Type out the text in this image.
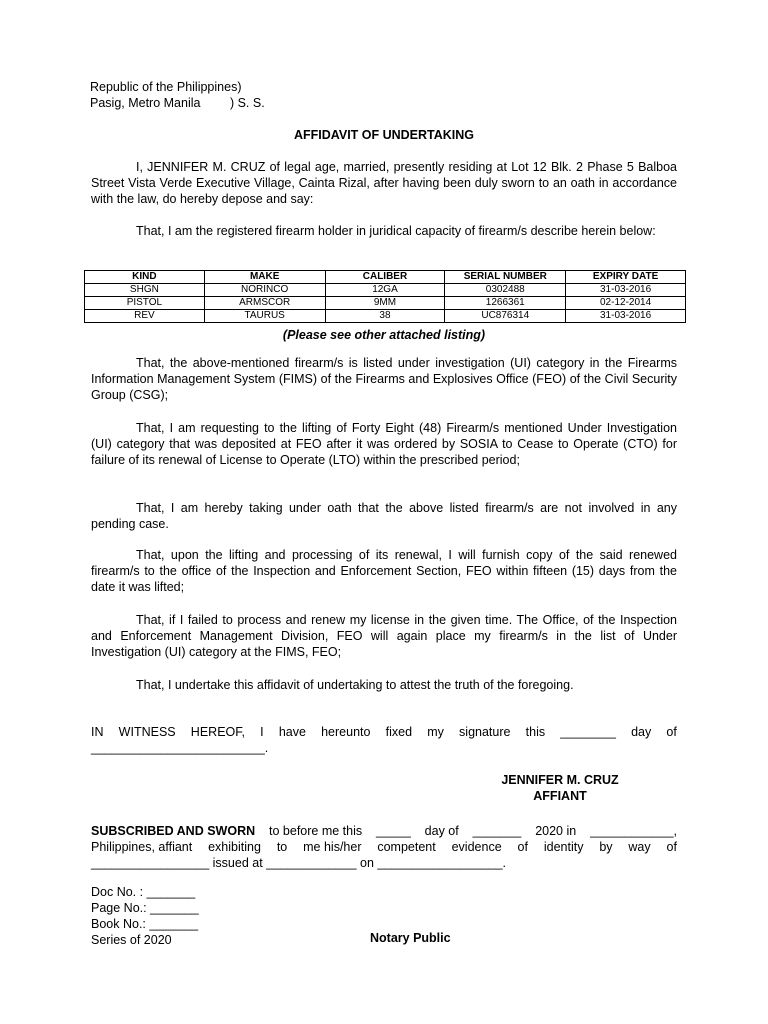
Republic of the Philippines)
Pasig, Metro Manila ) S. S.
AFFIDAVIT OF UNDERTAKING
I, JENNIFER M. CRUZ of legal age, married, presently residing at Lot 12 Blk. 2 Phase 5 Balboa Street Vista Verde Executive Village, Cainta Rizal, after having been duly sworn to an oath in accordance with the law, do hereby depose and say:
That, I am the registered firearm holder in juridical capacity of firearm/s describe herein below:
KIND	MAKE	CALIBER	SERIAL NUMBER	EXPIRY DATE
SHGN	NORINCO	12GA	0302488	31-03-2016
PISTOL	ARMSCOR	9MM	1266361	02-12-2014
REV	TAURUS	38	UC876314	31-03-2016
(Please see other attached listing)
That, the above-mentioned firearm/s is listed under investigation (UI) category in the Firearms Information Management System (FIMS) of the Firearms and Explosives Office (FEO) of the Civil Security Group (CSG);
That, I am requesting to the lifting of Forty Eight (48) Firearm/s mentioned Under Investigation (UI) category that was deposited at FEO after it was ordered by SOSIA to Cease to Operate (CTO) for failure of its renewal of License to Operate (LTO) within the prescribed period;
That, I am hereby taking under oath that the above listed firearm/s are not involved in any pending case.
That, upon the lifting and processing of its renewal, I will furnish copy of the said renewed firearm/s to the office of the Inspection and Enforcement Section, FEO within fifteen (15) days from the date it was lifted;
That, if I failed to process and renew my license in the given time. The Office, of the Inspection and Enforcement Management Division, FEO will again place my firearm/s in the list of Under Investigation (UI) category at the FIMS, FEO;
That, I undertake this affidavit of undertaking to attest the truth of the foregoing.
IN WITNESS HEREOF, I have hereunto fixed my signature this ________ day of
_________________________.
JENNIFER M. CRUZ
AFFIANT
SUBSCRIBED AND SWORN to before me this _____ day of _______ 2020 in ____________,
Philippines, affiant exhibiting to me his/her competent evidence of identity by way of
_________________ issued at _____________ on __________________.
Doc No. : _______
Page No.: _______
Book No.: _______
Series of 2020	Notary Public
